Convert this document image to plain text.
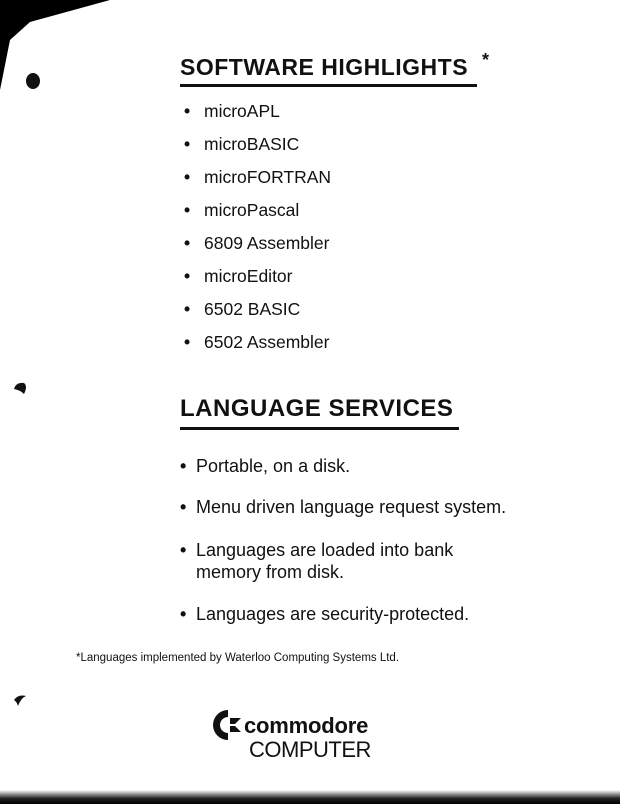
SOFTWARE HIGHLIGHTS *
• microAPL
• microBASIC
• microFORTRAN
• microPascal
• 6809 Assembler
• microEditor
• 6502 BASIC
• 6502 Assembler
LANGUAGE SERVICES
• Portable, on a disk.
• Menu driven language request system.
• Languages are loaded into bank memory from disk.
• Languages are security-protected.
*Languages implemented by Waterloo Computing Systems Ltd.
commodore
COMPUTER
